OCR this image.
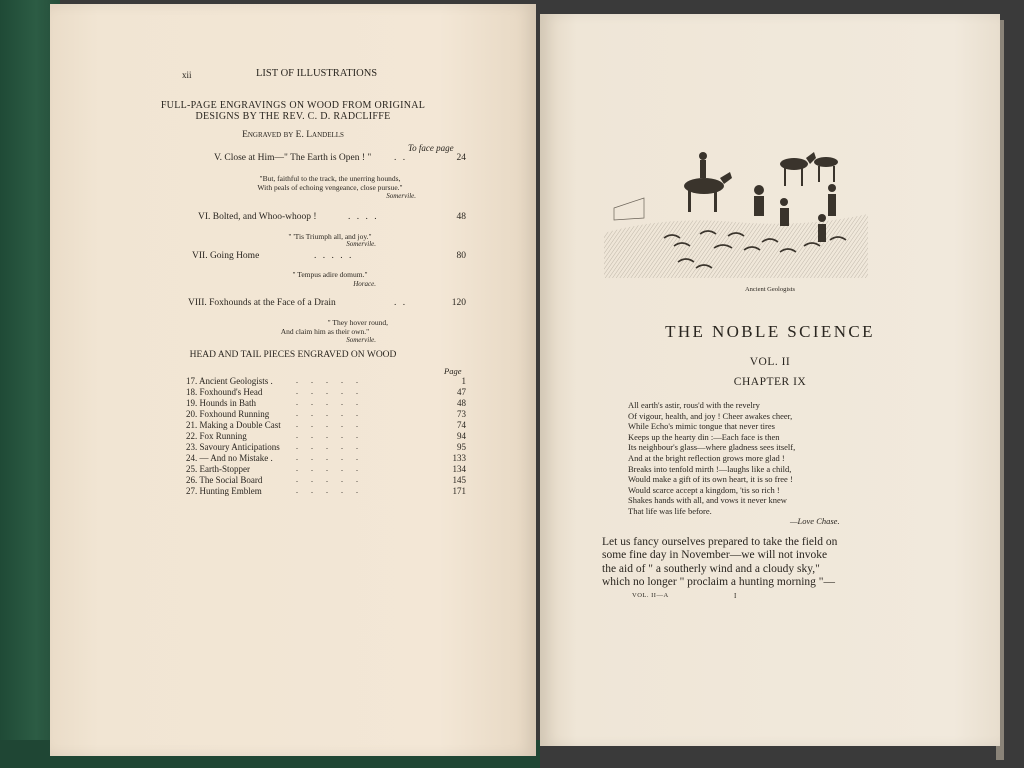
xii	LIST OF ILLUSTRATIONS
FULL-PAGE ENGRAVINGS ON WOOD FROM ORIGINAL
DESIGNS BY THE REV. C. D. RADCLIFFE
Engraved by E. Landells
To face page
V. Close at Him—" The Earth is Open ! " . .	24
"But, faithful to the track, the unerring hounds,
With peals of echoing vengeance, close pursue."
Somervile.
VI. Bolted, and Whoo-whoop !	. . . .	48
" 'Tis Triumph all, and joy."
Somervile.
VII. Going Home	. . . . .	80
" Tempus adire domum."
Horace.
VIII. Foxhounds at the Face of a Drain	. .	120
" They hover round,
And claim him as their own."
Somervile.
HEAD AND TAIL PIECES ENGRAVED ON WOOD
Page
17. Ancient Geologists .	.....	1
18. Foxhound's Head	.....	47
19. Hounds in Bath	.....	48
20. Foxhound Running	.....	73
21. Making a Double Cast .....	74
22. Fox Running	.....	94
23. Savoury Anticipations .....	95
24. — And no Mistake .	.....	133
25. Earth-Stopper	.....	134
26. The Social Board	.....	145
27. Hunting Emblem	.....	171
Ancient Geologists
THE NOBLE SCIENCE
VOL. II
CHAPTER IX
All earth's astir, rous'd with the revelry
Of vigour, health, and joy ! Cheer awakes cheer,
While Echo's mimic tongue that never tires
Keeps up the hearty din :—Each face is then
Its neighbour's glass—where gladness sees itself,
And at the bright reflection grows more glad !
Breaks into tenfold mirth !—laughs like a child,
Would make a gift of its own heart, it is so free !
Would scarce accept a kingdom, 'tis so rich !
Shakes hands with all, and vows it never knew
That life was life before.
—Love Chase.
Let us fancy ourselves prepared to take the field on
some fine day in November—we will not invoke
the aid of " a southerly wind and a cloudy sky,"
which no longer " proclaim a hunting morning "—
VOL. II—A	I
